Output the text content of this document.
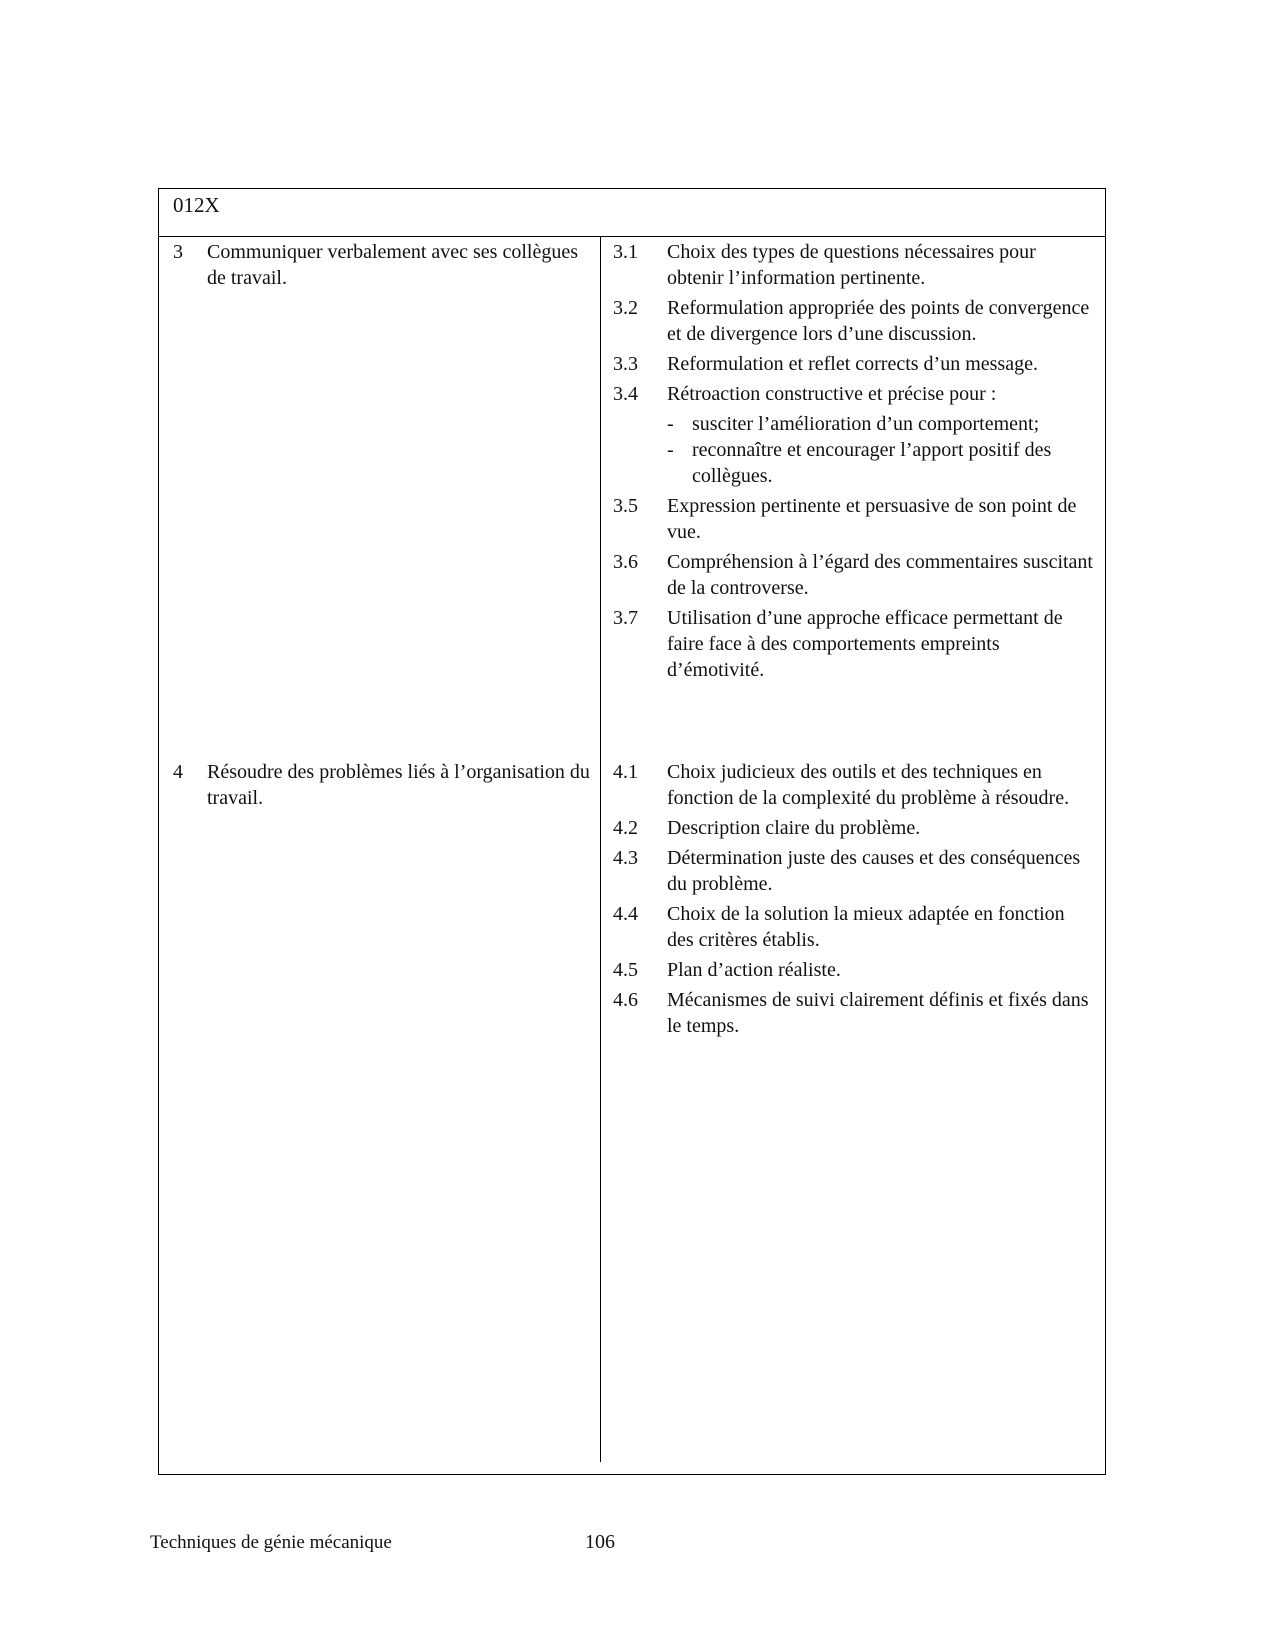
012X
3	Communiquer verbalement avec ses collègues de travail.
3.1	Choix des types de questions nécessaires pour obtenir l’information pertinente.
3.2	Reformulation appropriée des points de convergence et de divergence lors d’une discussion.
3.3	Reformulation et reflet corrects d’un message.
3.4	Rétroaction constructive et précise pour :
- susciter l’amélioration d’un comportement;
- reconnaître et encourager l’apport positif des collègues.
3.5	Expression pertinente et persuasive de son point de vue.
3.6	Compréhension à l’égard des commentaires suscitant de la controverse.
3.7	Utilisation d’une approche efficace permettant de faire face à des comportements empreints d’émotivité.
4	Résoudre des problèmes liés à l’organisation du travail.
4.1	Choix judicieux des outils et des techniques en fonction de la complexité du problème à résoudre.
4.2	Description claire du problème.
4.3	Détermination juste des causes et des conséquences du problème.
4.4	Choix de la solution la mieux adaptée en fonction des critères établis.
4.5	Plan d’action réaliste.
4.6	Mécanismes de suivi clairement définis et fixés dans le temps.
Techniques de génie mécanique	106
